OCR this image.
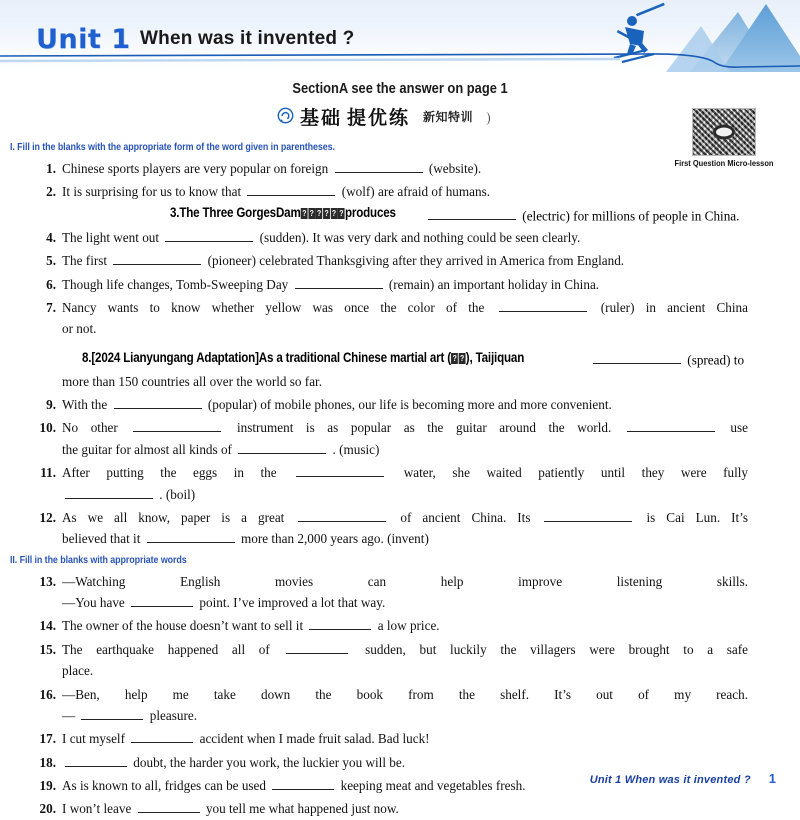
Unit 1 When was it invented ?
SectionA see the answer on page 1
基础 提优练 新知特训
First Question Micro-lesson
I. Fill in the blanks with the appropriate form of the word given in parentheses.
1. Chinese sports players are very popular on foreign	(website).
2. It is surprising for us to know that	(wolf) are afraid of humans.
3.The Three GorgesDam ? ? ? ? ? ? produces	(electric) for millions of people in China.
4. The light went out	(sudden). It was very dark and nothing could be seen clearly.
5. The first	(pioneer) celebrated Thanksgiving after they arrived in America from England.
6. Though life changes, Tomb-Sweeping Day	(remain) an important holiday in China.
7. Nancy wants to know whether yellow was once the color of the	(ruler) in ancient China
or not.
8.[2024 Lianyungang Adaptation]As a traditional Chinese martial art ( ? ? ), Taijiquan	(spread) to
more than 150 countries all over the world so far.
9. With the	(popular) of mobile phones, our life is becoming more and more convenient.
10. No other	instrument is as popular as the guitar around the world.	use
the guitar for almost all kinds of	. (music)
11. After putting the eggs in the	water, she waited patiently until they were fully
. (boil)
12. As we all know, paper is a great	of ancient China. Its	is Cai Lun. It’s
believed that it	more than 2,000 years ago. (invent)
II. Fill in the blanks with appropriate words
13. —Watching English movies can help improve listening skills.
—You have	point. I’ve improved a lot that way.
14. The owner of the house doesn’t want to sell it	a low price.
15. The earthquake happened all of	sudden, but luckily the villagers were brought to a safe
place.
16. —Ben, help me take down the book from the shelf. It’s out of my reach.
—	pleasure.
17. I cut myself	accident when I made fruit salad. Bad luck!
18.	doubt, the harder you work, the luckier you will be.
19. As is known to all, fridges can be used	keeping meat and vegetables fresh.
20. I won’t leave	you tell me what happened just now.
Unit 1 When was it invented ? 1
